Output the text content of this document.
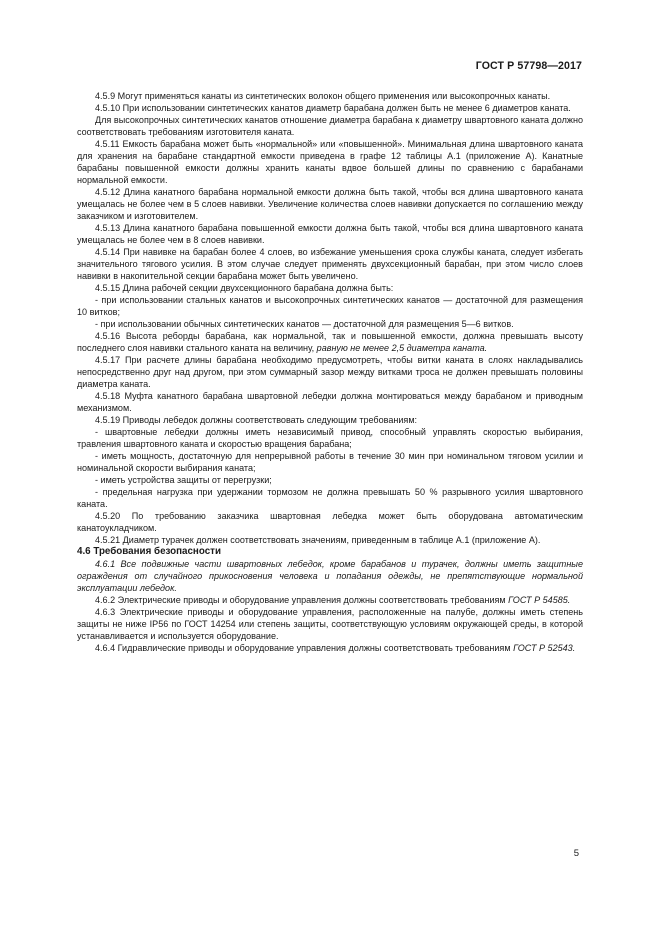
ГОСТ Р 57798—2017

4.5.9 Могут применяться канаты из синтетических волокон общего применения или высокопрочных канаты.

4.5.10 При использовании синтетических канатов диаметр барабана должен быть не менее 6 диаметров каната.

Для высокопрочных синтетических канатов отношение диаметра барабана к диаметру швартовного каната должно соответствовать требованиям изготовителя каната.

4.5.11 Емкость барабана может быть «нормальной» или «повышенной». Минимальная длина швартовного каната для хранения на барабане стандартной емкости приведена в графе 12 таблицы А.1 (приложение А). Канатные барабаны повышенной емкости должны хранить канаты вдвое большей длины по сравнению с барабанами нормальной емкости.

4.5.12 Длина канатного барабана нормальной емкости должна быть такой, чтобы вся длина швартовного каната умещалась не более чем в 5 слоев навивки. Увеличение количества слоев навивки допускается по соглашению между заказчиком и изготовителем.

4.5.13 Длина канатного барабана повышенной емкости должна быть такой, чтобы вся длина швартовного каната умещалась не более чем в 8 слоев навивки.

4.5.14 При навивке на барабан более 4 слоев, во избежание уменьшения срока службы каната, следует избегать значительного тягового усилия. В этом случае следует применять двухсекционный барабан, при этом число слоев навивки в накопительной секции барабана может быть увеличено.

4.5.15 Длина рабочей секции двухсекционного барабана должна быть:

- при использовании стальных канатов и высокопрочных синтетических канатов — достаточной для размещения 10 витков;

- при использовании обычных синтетических канатов — достаточной для размещения 5—6 витков.

4.5.16 Высота реборды барабана, как нормальной, так и повышенной емкости, должна превышать высоту последнего слоя навивки стального каната на величину, равную не менее 2,5 диаметра каната.

4.5.17 При расчете длины барабана необходимо предусмотреть, чтобы витки каната в слоях накладывались непосредственно друг над другом, при этом суммарный зазор между витками троса не должен превышать половины диаметра каната.

4.5.18 Муфта канатного барабана швартовной лебедки должна монтироваться между барабаном и приводным механизмом.

4.5.19 Приводы лебедок должны соответствовать следующим требованиям:

- швартовные лебедки должны иметь независимый привод, способный управлять скоростью выбирания, травления швартовного каната и скоростью вращения барабана;

- иметь мощность, достаточную для непрерывной работы в течение 30 мин при номинальном тяговом усилии и номинальной скорости выбирания каната;

- иметь устройства защиты от перегрузки;

- предельная нагрузка при удержании тормозом не должна превышать 50 % разрывного усилия швартовного каната.

4.5.20 По требованию заказчика швартовная лебедка может быть оборудована автоматическим канатоукладчиком.

4.5.21 Диаметр турачек должен соответствовать значениям, приведенным в таблице А.1 (приложение А).

4.6 Требования безопасности

4.6.1 Все подвижные части швартовных лебедок, кроме барабанов и турачек, должны иметь защитные ограждения от случайного прикосновения человека и попадания одежды, не препятствующие нормальной эксплуатации лебедок.

4.6.2 Электрические приводы и оборудование управления должны соответствовать требованиям ГОСТ Р 54585.

4.6.3 Электрические приводы и оборудование управления, расположенные на палубе, должны иметь степень защиты не ниже IP56 по ГОСТ 14254 или степень защиты, соответствующую условиям окружающей среды, в которой устанавливается и используется оборудование.

4.6.4 Гидравлические приводы и оборудование управления должны соответствовать требованиям ГОСТ Р 52543.

5
